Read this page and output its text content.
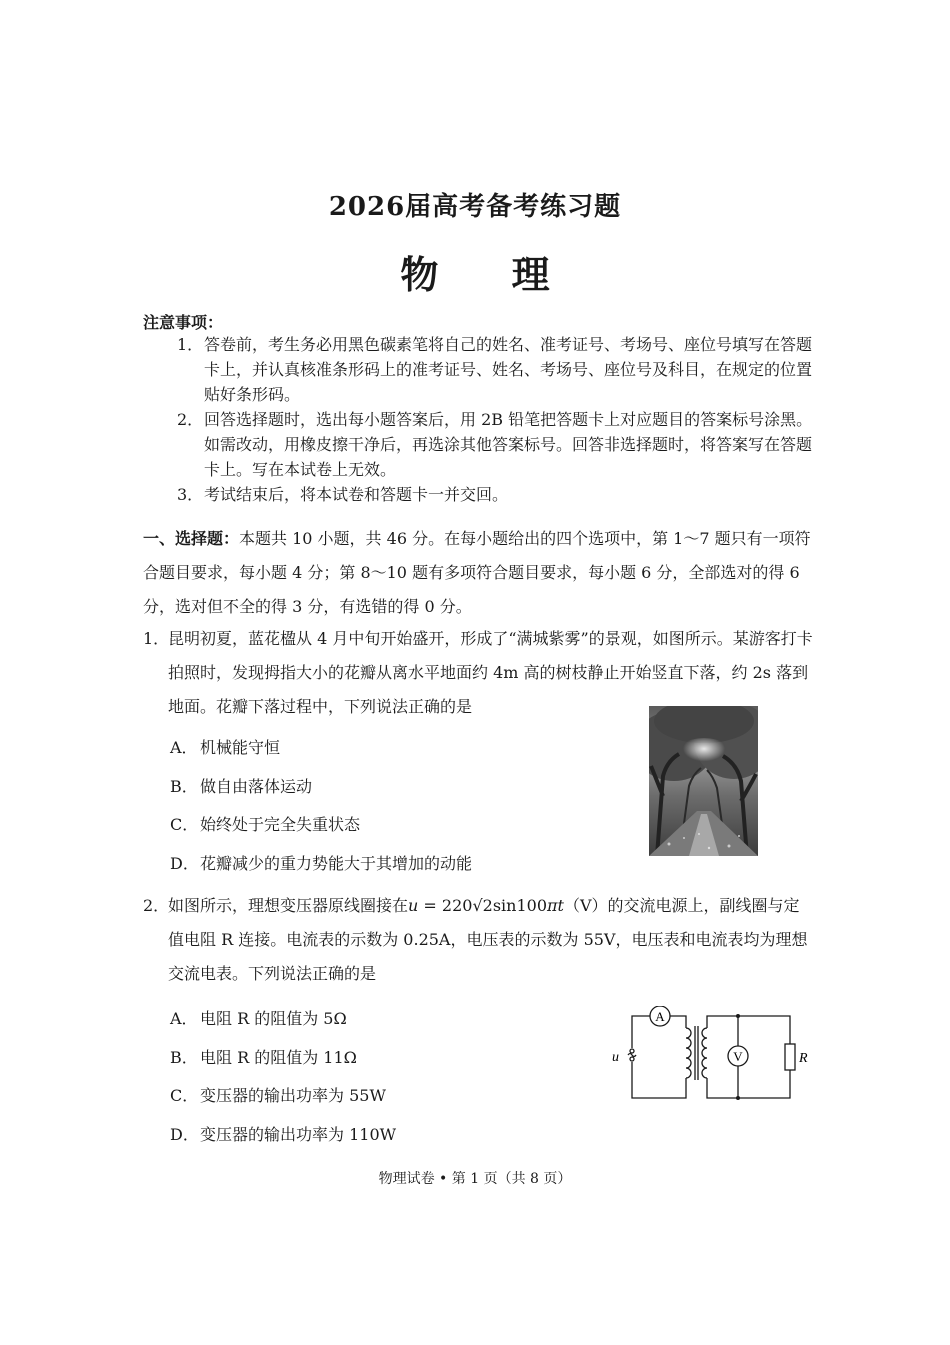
2026届高考备考练习题
物 理
注意事项：
1． 答卷前，考生务必用黑色碳素笔将自己的姓名、准考证号、考场号、座位号填写在答题卡上，并认真核准条形码上的准考证号、姓名、考场号、座位号及科目，在规定的位置贴好条形码。
2． 回答选择题时，选出每小题答案后，用 2B 铅笔把答题卡上对应题目的答案标号涂黑。如需改动，用橡皮擦干净后，再选涂其他答案标号。回答非选择题时，将答案写在答题卡上。写在本试卷上无效。
3． 考试结束后，将本试卷和答题卡一并交回。
一、选择题：本题共 10 小题，共 46 分。在每小题给出的四个选项中，第 1～7 题只有一项符合题目要求，每小题 4 分；第 8～10 题有多项符合题目要求，每小题 6 分，全部选对的得 6 分，选对但不全的得 3 分，有选错的得 0 分。
1．
昆明初夏，蓝花楹从 4 月中旬开始盛开，形成了“满城紫雾”的景观，如图所示。某游客打卡拍照时，发现拇指大小的花瓣从离水平地面约 4m 高的树枝静止开始竖直下落，约 2s 落到地面。花瓣下落过程中，下列说法正确的是
A． 机械能守恒
B． 做自由落体运动
C． 始终处于完全失重状态
D．花瓣减少的重力势能大于其增加的动能
2．
如图所示，理想变压器原线圈接在u = 220√2sin100πt（V）的交流电源上，副线圈与定值电阻 R 连接。电流表的示数为 0.25A，电压表的示数为 55V，电压表和电流表均为理想交流电表。下列说法正确的是
A． 电阻 R 的阻值为 5Ω
B． 电阻 R 的阻值为 11Ω
C． 变压器的输出功率为 55W
D．变压器的输出功率为 110W
A
V
u	R
物理试卷 • 第 1 页（共 8 页）
